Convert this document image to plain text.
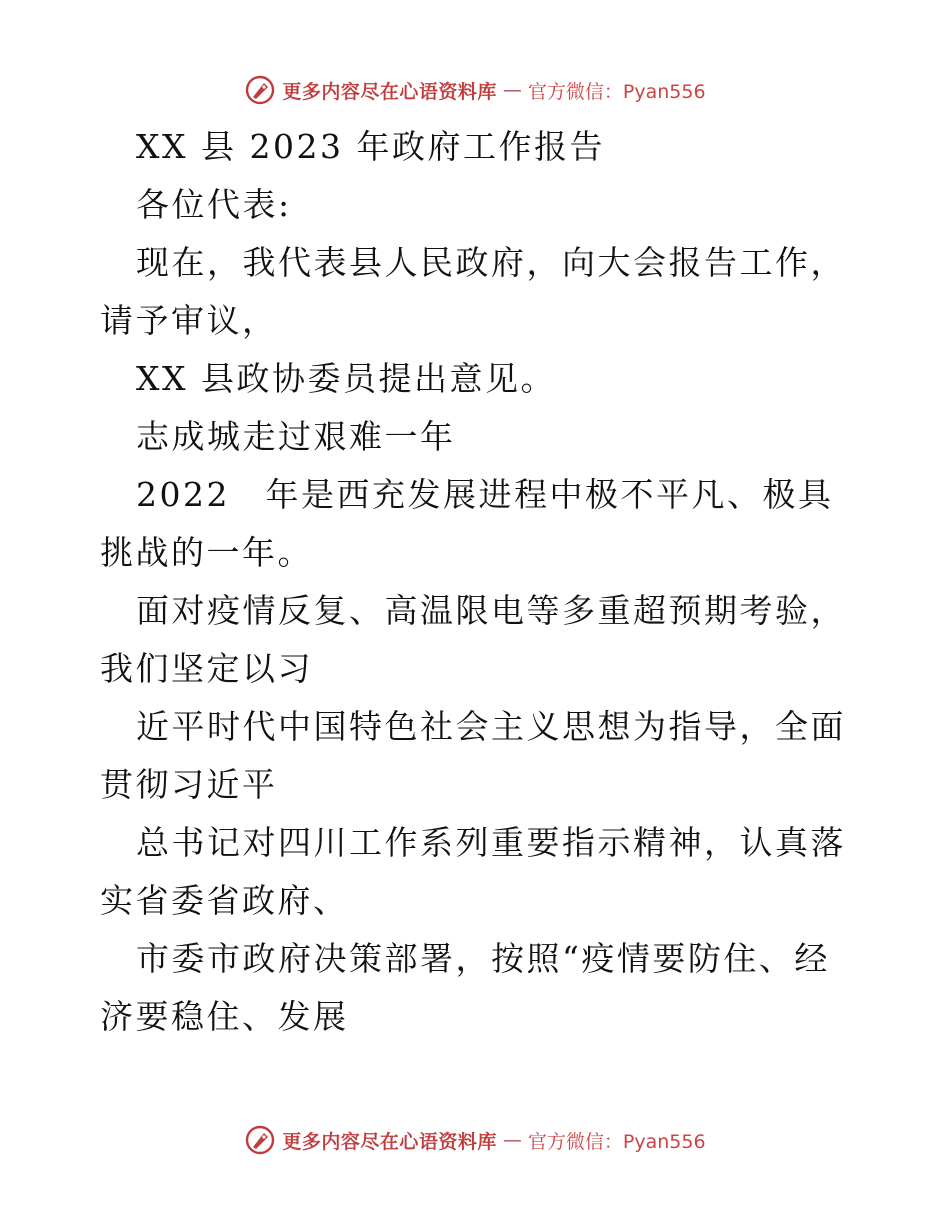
更多内容尽在心语资料库 — 官方微信：Pyan556

XX 县 2023 年政府工作报告

各位代表:

现在，我代表县人民政府，向大会报告工作，请予审议，

XX 县政协委员提出意见。

志成城走过艰难一年

2022　年是西充发展进程中极不平凡、极具挑战的一年。

面对疫情反复、高温限电等多重超预期考验，我们坚定以习

近平时代中国特色社会主义思想为指导，全面贯彻习近平

总书记对四川工作系列重要指示精神，认真落实省委省政府、

市委市政府决策部署，按照“疫情要防住、经济要稳住、发展

更多内容尽在心语资料库 — 官方微信：Pyan556
